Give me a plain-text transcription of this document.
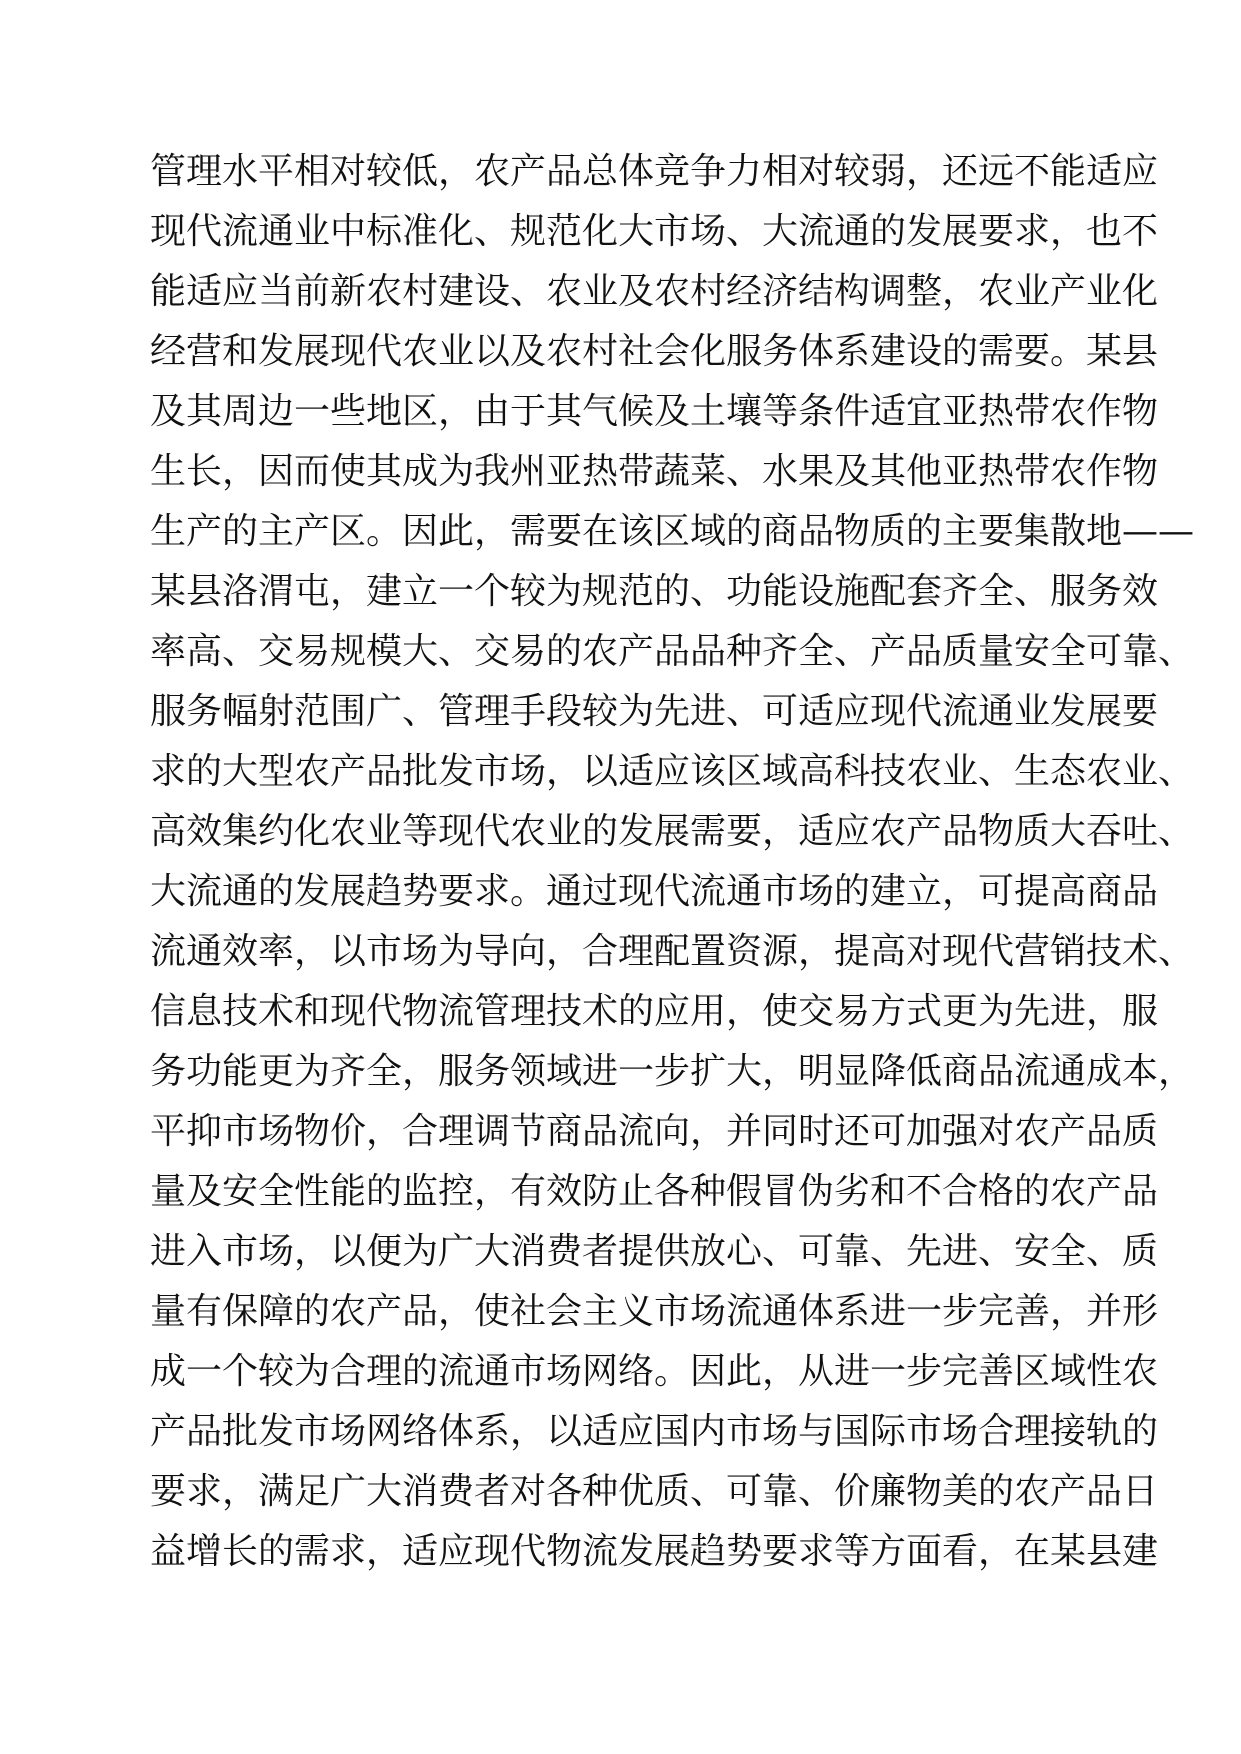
管理水平相对较低，农产品总体竞争力相对较弱，还远不能适应
现代流通业中标准化、规范化大市场、大流通的发展要求，也不
能适应当前新农村建设、农业及农村经济结构调整，农业产业化
经营和发展现代农业以及农村社会化服务体系建设的需要。某县
及其周边一些地区，由于其气候及土壤等条件适宜亚热带农作物
生长，因而使其成为我州亚热带蔬菜、水果及其他亚热带农作物
生产的主产区。因此，需要在该区域的商品物质的主要集散地——
某县洛渭屯，建立一个较为规范的、功能设施配套齐全、服务效
率高、交易规模大、交易的农产品品种齐全、产品质量安全可靠、
服务幅射范围广、管理手段较为先进、可适应现代流通业发展要
求的大型农产品批发市场，以适应该区域高科技农业、生态农业、
高效集约化农业等现代农业的发展需要，适应农产品物质大吞吐、
大流通的发展趋势要求。通过现代流通市场的建立，可提高商品
流通效率，以市场为导向，合理配置资源，提高对现代营销技术、
信息技术和现代物流管理技术的应用，使交易方式更为先进，服
务功能更为齐全，服务领域进一步扩大，明显降低商品流通成本，
平抑市场物价，合理调节商品流向，并同时还可加强对农产品质
量及安全性能的监控，有效防止各种假冒伪劣和不合格的农产品
进入市场，以便为广大消费者提供放心、可靠、先进、安全、质
量有保障的农产品，使社会主义市场流通体系进一步完善，并形
成一个较为合理的流通市场网络。因此，从进一步完善区域性农
产品批发市场网络体系，以适应国内市场与国际市场合理接轨的
要求，满足广大消费者对各种优质、可靠、价廉物美的农产品日
益增长的需求，适应现代物流发展趋势要求等方面看，在某县建
